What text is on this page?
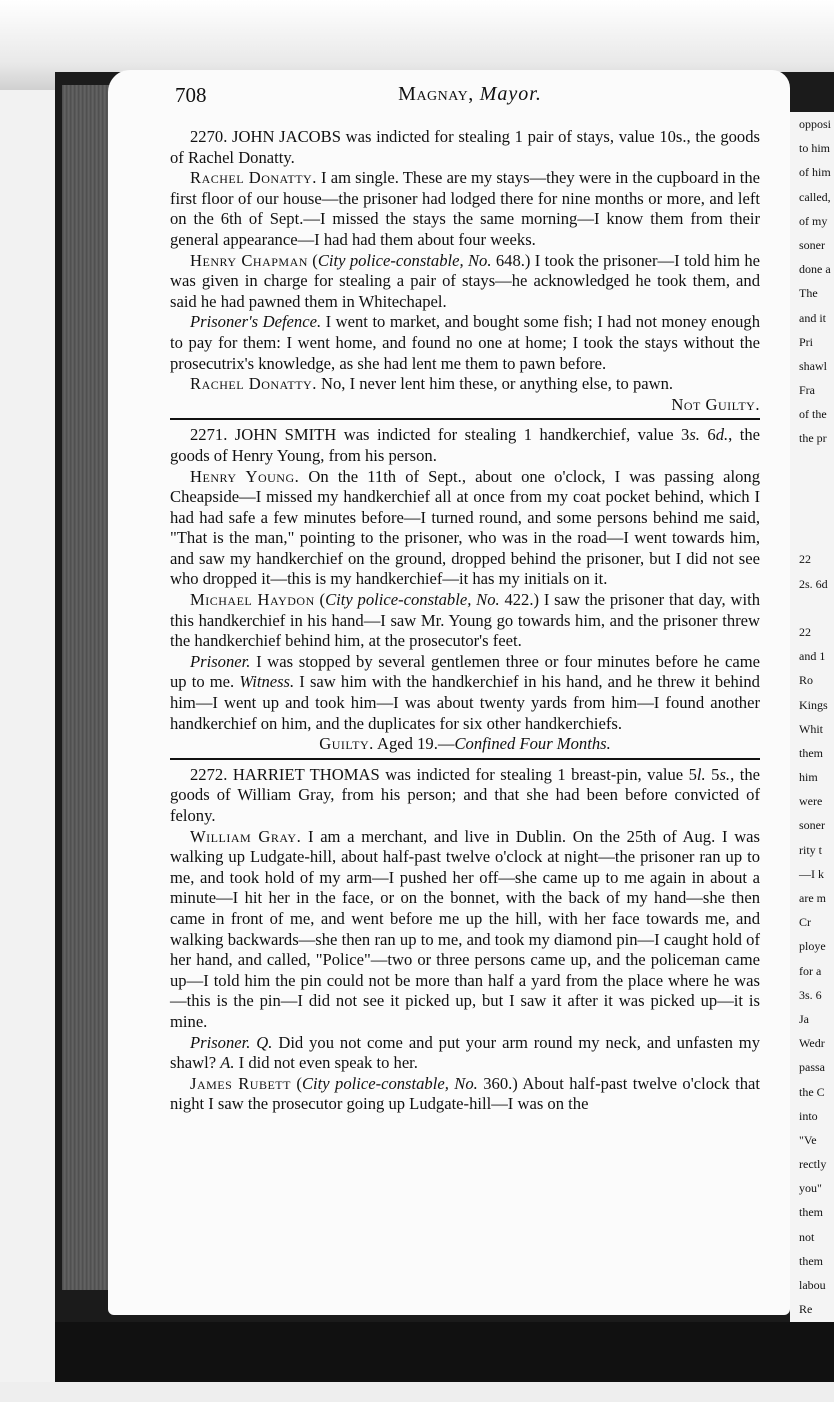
opposi
to him
of him
called,
of my
soner
done a
The
and it
Pri
shawl
Fra
of the
the pr
22
2s. 6d
22
and 1
Ro
Kings
Whit
them
him
were
soner
rity t
—I k
are m
Cr
ploye
for a
3s. 6
Ja
Wedr
passa
the C
into
"Ve
rectly
you"
them
not
them
labou
Re
708	Magnay, Mayor.

2270. JOHN JACOBS was indicted for stealing 1 pair of stays, value 10s., the goods of Rachel Donatty.

Rachel Donatty. I am single. These are my stays—they were in the cupboard in the first floor of our house—the prisoner had lodged there for nine months or more, and left on the 6th of Sept.—I missed the stays the same morning—I know them from their general appearance—I had had them about four weeks.

Henry Chapman (City police-constable, No. 648.) I took the prisoner—I told him he was given in charge for stealing a pair of stays—he acknowledged he took them, and said he had pawned them in Whitechapel.

Prisoner's Defence. I went to market, and bought some fish; I had not money enough to pay for them: I went home, and found no one at home; I took the stays without the prosecutrix's knowledge, as she had lent me them to pawn before.

Rachel Donatty. No, I never lent him these, or anything else, to pawn.

Not Guilty.

2271. JOHN SMITH was indicted for stealing 1 handkerchief, value 3s. 6d., the goods of Henry Young, from his person.

Henry Young. On the 11th of Sept., about one o'clock, I was passing along Cheapside—I missed my handkerchief all at once from my coat pocket behind, which I had had safe a few minutes before—I turned round, and some persons behind me said, "That is the man," pointing to the prisoner, who was in the road—I went towards him, and saw my handkerchief on the ground, dropped behind the prisoner, but I did not see who dropped it—this is my handkerchief—it has my initials on it.

Michael Haydon (City police-constable, No. 422.) I saw the prisoner that day, with this handkerchief in his hand—I saw Mr. Young go towards him, and the prisoner threw the handkerchief behind him, at the prosecutor's feet.

Prisoner. I was stopped by several gentlemen three or four minutes before he came up to me. Witness. I saw him with the handkerchief in his hand, and he threw it behind him—I went up and took him—I was about twenty yards from him—I found another handkerchief on him, and the duplicates for six other handkerchiefs.

Guilty. Aged 19.—Confined Four Months.

2272. HARRIET THOMAS was indicted for stealing 1 breast-pin, value 5l. 5s., the goods of William Gray, from his person; and that she had been before convicted of felony.

William Gray. I am a merchant, and live in Dublin. On the 25th of Aug. I was walking up Ludgate-hill, about half-past twelve o'clock at night—the prisoner ran up to me, and took hold of my arm—I pushed her off—she came up to me again in about a minute—I hit her in the face, or on the bonnet, with the back of my hand—she then came in front of me, and went before me up the hill, with her face towards me, and walking backwards—she then ran up to me, and took my diamond pin—I caught hold of her hand, and called, "Police"—two or three persons came up, and the policeman came up—I told him the pin could not be more than half a yard from the place where he was—this is the pin—I did not see it picked up, but I saw it after it was picked up—it is mine.

Prisoner. Q. Did you not come and put your arm round my neck, and unfasten my shawl? A. I did not even speak to her.

James Rubett (City police-constable, No. 360.) About half-past twelve o'clock that night I saw the prosecutor going up Ludgate-hill—I was on the
